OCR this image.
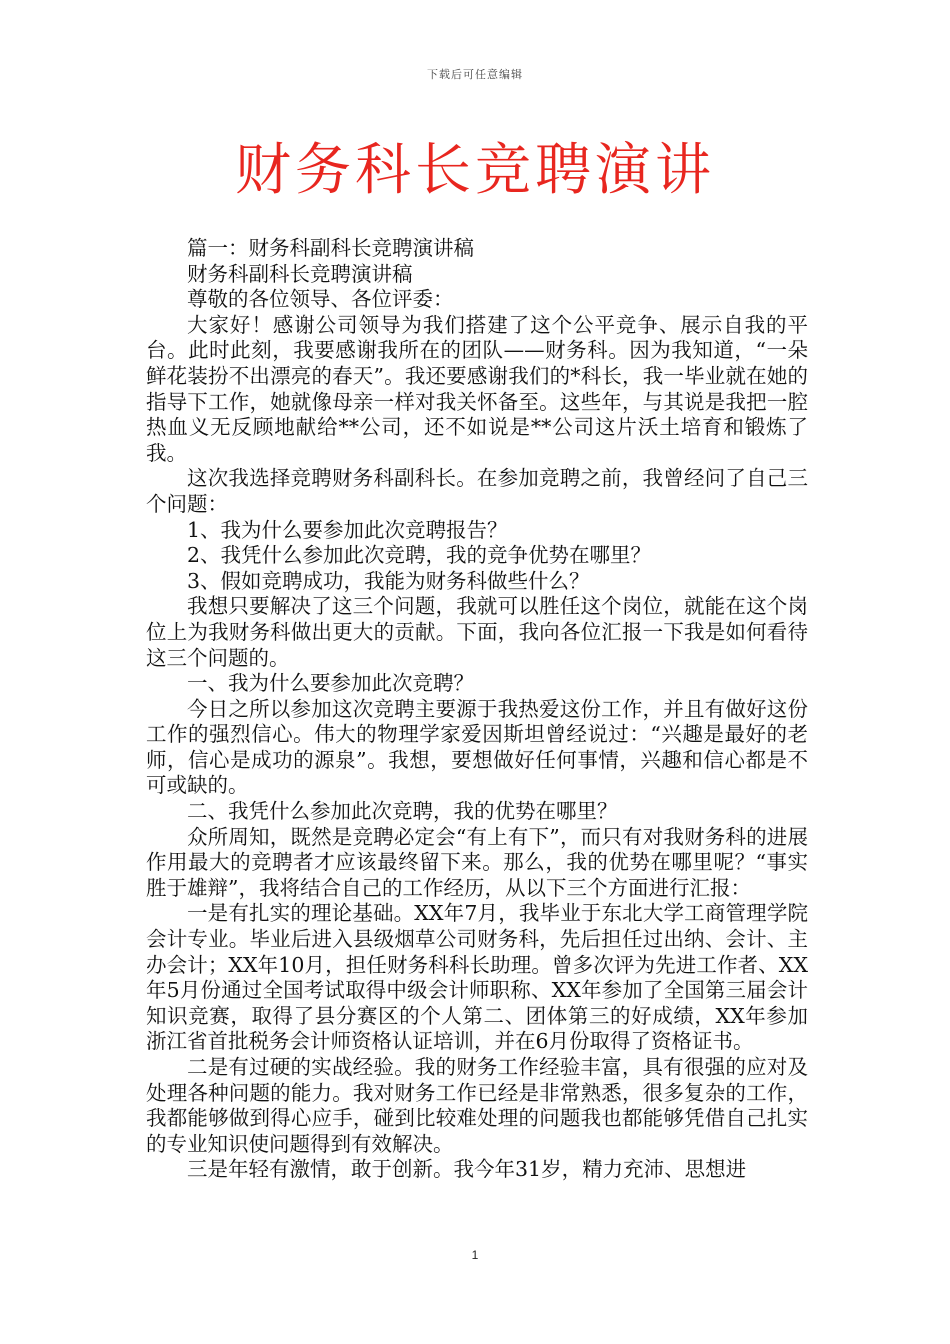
下载后可任意编辑
财务科长竞聘演讲

篇一：财务科副科长竞聘演讲稿

财务科副科长竞聘演讲稿

尊敬的各位领导、各位评委：

大家好！感谢公司领导为我们搭建了这个公平竞争、展示自我的平台。此时此刻，我要感谢我所在的团队——财务科。因为我知道，“一朵鲜花装扮不出漂亮的春天”。我还要感谢我们的*科长，我一毕业就在她的指导下工作，她就像母亲一样对我关怀备至。这些年，与其说是我把一腔热血义无反顾地献给**公司，还不如说是**公司这片沃土培育和锻炼了我。

这次我选择竞聘财务科副科长。在参加竞聘之前，我曾经问了自己三个问题：

1、我为什么要参加此次竞聘报告？

2、我凭什么参加此次竞聘，我的竞争优势在哪里？

3、假如竞聘成功，我能为财务科做些什么？

我想只要解决了这三个问题，我就可以胜任这个岗位，就能在这个岗位上为我财务科做出更大的贡献。下面，我向各位汇报一下我是如何看待这三个问题的。

一、我为什么要参加此次竞聘？

今日之所以参加这次竞聘主要源于我热爱这份工作，并且有做好这份工作的强烈信心。伟大的物理学家爱因斯坦曾经说过：“兴趣是最好的老师，信心是成功的源泉”。我想，要想做好任何事情，兴趣和信心都是不可或缺的。

二、我凭什么参加此次竞聘，我的优势在哪里？

众所周知，既然是竞聘必定会“有上有下”，而只有对我财务科的进展作用最大的竞聘者才应该最终留下来。那么，我的优势在哪里呢？“事实胜于雄辩”，我将结合自己的工作经历，从以下三个方面进行汇报：

一是有扎实的理论基础。XX年7月，我毕业于东北大学工商管理学院会计专业。毕业后进入县级烟草公司财务科，先后担任过出纳、会计、主办会计；XX年10月，担任财务科科长助理。曾多次评为先进工作者、XX年5月份通过全国考试取得中级会计师职称、XX年参加了全国第三届会计知识竞赛，取得了县分赛区的个人第二、团体第三的好成绩，XX年参加浙江省首批税务会计师资格认证培训，并在6月份取得了资格证书。

二是有过硬的实战经验。我的财务工作经验丰富，具有很强的应对及处理各种问题的能力。我对财务工作已经是非常熟悉，很多复杂的工作，我都能够做到得心应手，碰到比较难处理的问题我也都能够凭借自己扎实的专业知识使问题得到有效解决。

三是年轻有激情，敢于创新。我今年31岁，精力充沛、思想进

1
